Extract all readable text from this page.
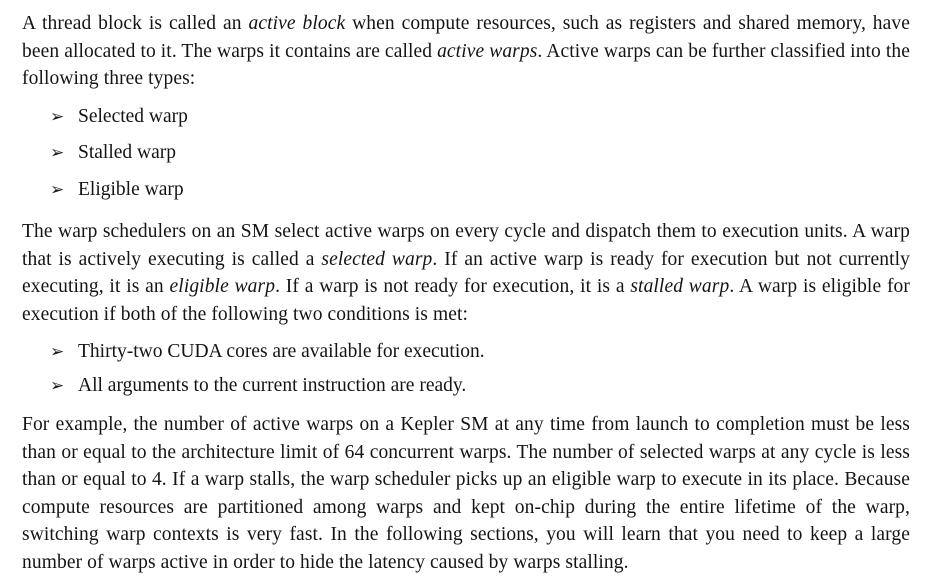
A thread block is called an active block when compute resources, such as registers and shared memory, have been allocated to it. The warps it contains are called active warps. Active warps can be further classified into the following three types:

➢ Selected warp
➢ Stalled warp
➢ Eligible warp

The warp schedulers on an SM select active warps on every cycle and dispatch them to execution units. A warp that is actively executing is called a selected warp. If an active warp is ready for execution but not currently executing, it is an eligible warp. If a warp is not ready for execution, it is a stalled warp. A warp is eligible for execution if both of the following two conditions is met:

➢ Thirty-two CUDA cores are available for execution.
➢ All arguments to the current instruction are ready.

For example, the number of active warps on a Kepler SM at any time from launch to completion must be less than or equal to the architecture limit of 64 concurrent warps. The number of selected warps at any cycle is less than or equal to 4. If a warp stalls, the warp scheduler picks up an eligible warp to execute in its place. Because compute resources are partitioned among warps and kept on-chip during the entire lifetime of the warp, switching warp contexts is very fast. In the following sections, you will learn that you need to keep a large number of warps active in order to hide the latency caused by warps stalling.
